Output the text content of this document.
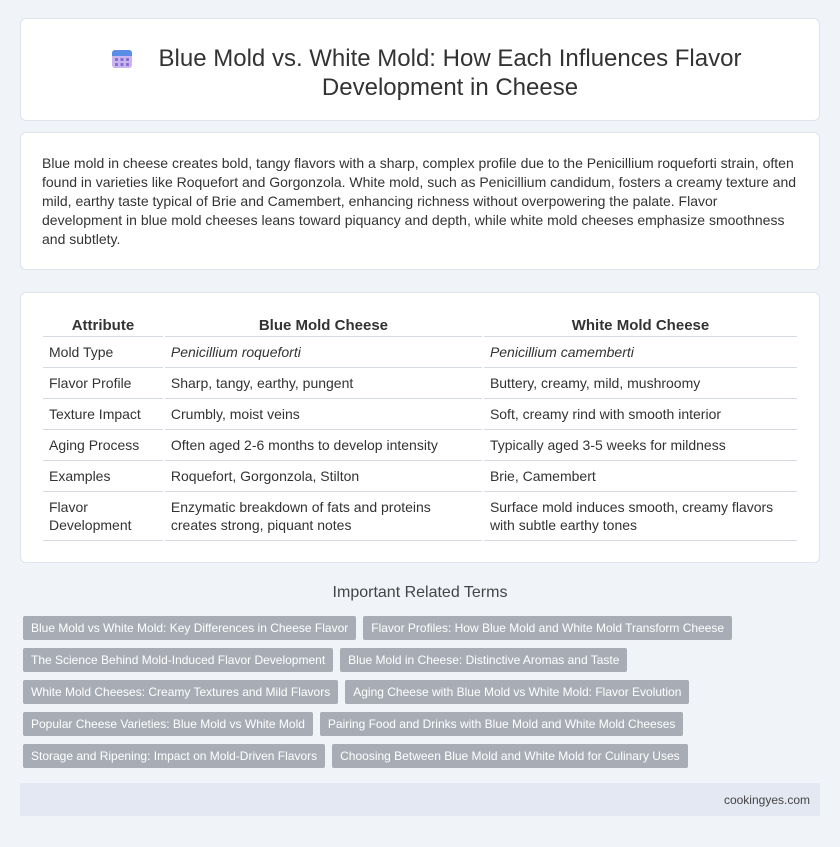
Blue Mold vs. White Mold: How Each Influences Flavor Development in Cheese

Blue mold in cheese creates bold, tangy flavors with a sharp, complex profile due to the Penicillium roqueforti strain, often found in varieties like Roquefort and Gorgonzola. White mold, such as Penicillium candidum, fosters a creamy texture and mild, earthy taste typical of Brie and Camembert, enhancing richness without overpowering the palate. Flavor development in blue mold cheeses leans toward piquancy and depth, while white mold cheeses emphasize smoothness and subtlety.

Attribute	Blue Mold Cheese	White Mold Cheese
Mold Type	Penicillium roqueforti	Penicillium camemberti
Flavor Profile	Sharp, tangy, earthy, pungent	Buttery, creamy, mild, mushroomy
Texture Impact	Crumbly, moist veins	Soft, creamy rind with smooth interior
Aging Process	Often aged 2-6 months to develop intensity	Typically aged 3-5 weeks for mildness
Examples	Roquefort, Gorgonzola, Stilton	Brie, Camembert
Flavor Development	Enzymatic breakdown of fats and proteins creates strong, piquant notes	Surface mold induces smooth, creamy flavors with subtle earthy tones
Important Related Terms
Blue Mold vs White Mold: Key Differences in Cheese Flavor Flavor Profiles: How Blue Mold and White Mold Transform Cheese
The Science Behind Mold-Induced Flavor Development Blue Mold in Cheese: Distinctive Aromas and Taste
White Mold Cheeses: Creamy Textures and Mild Flavors Aging Cheese with Blue Mold vs White Mold: Flavor Evolution
Popular Cheese Varieties: Blue Mold vs White Mold Pairing Food and Drinks with Blue Mold and White Mold Cheeses
Storage and Ripening: Impact on Mold-Driven Flavors Choosing Between Blue Mold and White Mold for Culinary Uses
cookingyes.com
